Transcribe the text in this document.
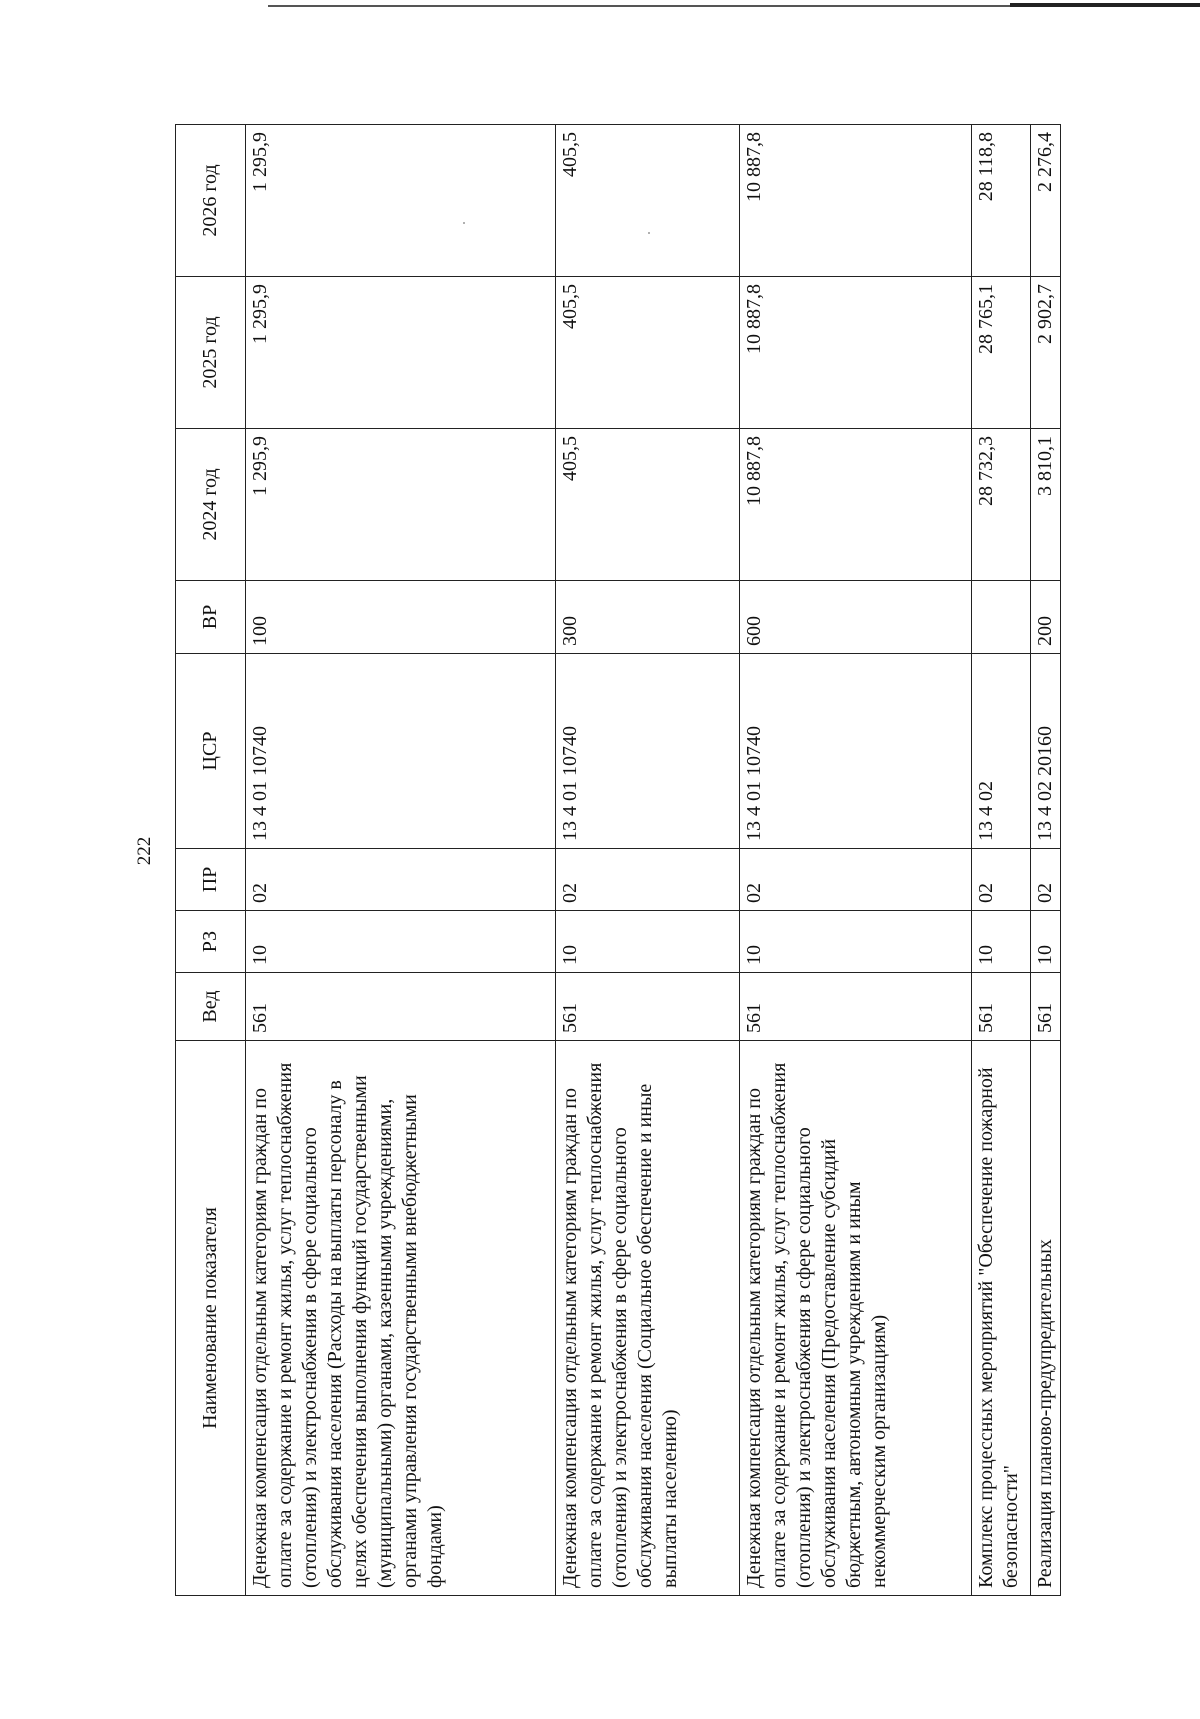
222
Наименование показателя	Вед	РЗ	ПР	ЦСР	ВР	2024 год	2025 год	2026 год
Денежная компенсация отдельным категориям граждан по оплате за содержание и ремонт жилья, услуг теплоснабжения (отопления) и электроснабжения в сфере социального обслуживания населения (Расходы на выплаты персоналу в целях обеспечения выполнения функций государственными (муниципальными) органами, казенными учреждениями, органами управления государственными внебюджетными фондами)	561	10	02	13 4 01 10740	100	1 295,9	1 295,9	1 295,9
Денежная компенсация отдельным категориям граждан по оплате за содержание и ремонт жилья, услуг теплоснабжения (отопления) и электроснабжения в сфере социального обслуживания населения (Социальное обеспечение и иные выплаты населению)	561	10	02	13 4 01 10740	300	405,5	405,5	405,5
Денежная компенсация отдельным категориям граждан по оплате за содержание и ремонт жилья, услуг теплоснабжения (отопления) и электроснабжения в сфере социального обслуживания населения (Предоставление субсидий бюджетным, автономным учреждениям и иным некоммерческим организациям)	561	10	02	13 4 01 10740	600	10 887,8	10 887,8	10 887,8
Комплекс процессных мероприятий "Обеспечение пожарной безопасности"	561	10	02	13 4 02		28 732,3	28 765,1	28 118,8
Реализация планово-предупредительных	561	10	02	13 4 02 20160	200	3 810,1	2 902,7	2 276,4
